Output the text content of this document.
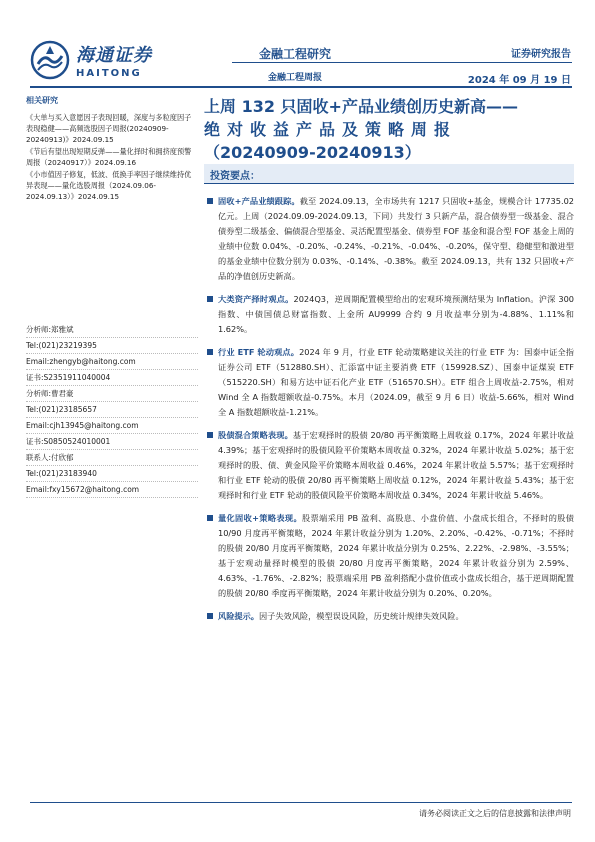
海通证券
HAITONG
金融工程研究
金融工程周报
证券研究报告
2024 年 09 月 19 日
相关研究
《大单与买入意愿因子表现回暖，深度与多粒度因子表现稳健——高频选股因子周报(20240909-20240913)》2024.09.15
《节后有望出现短期反弹——量化择时和拥挤度预警周报（20240917）》2024.09.16
《小市值因子修复，低波、低换手率因子继续维持优异表现——量化选股周报（2024.09.06-2024.09.13）》2024.09.15
分析师:郑雅斌
Tel:(021)23219395
Email:zhengyb@haitong.com
证书:S2351911040004
分析师:曹君豪
Tel:(021)23185657
Email:cjh13945@haitong.com
证书:S0850524010001
联系人:付欣郁
Tel:(021)23183940
Email:fxy15672@haitong.com
上周 132 只固收+产品业绩创历史新高——
绝对收益产品及策略周报
（20240909-20240913）
投资要点：
固收+产品业绩跟踪。截至 2024.09.13，全市场共有 1217 只固收+基金，规模合计 17735.02 亿元。上周（2024.09.09-2024.09.13，下同）共发行 3 只新产品，混合债券型一级基金、混合债券型二级基金、偏债混合型基金、灵活配置型基金、债券型 FOF 基金和混合型 FOF 基金上周的业绩中位数 0.04%、-0.20%、-0.24%、-0.21%、-0.04%、-0.20%，保守型、稳健型和激进型的基金业绩中位数分别为 0.03%、-0.14%、-0.38%。截至 2024.09.13，共有 132 只固收+产品的净值创历史新高。
大类资产择时观点。2024Q3，逆周期配置模型给出的宏观环境预测结果为 Inflation。沪深 300 指数、中债国债总财富指数、上金所 AU9999 合约 9 月收益率分别为-4.88%、1.11%和 1.62%。
行业 ETF 轮动观点。2024 年 9 月，行业 ETF 轮动策略建议关注的行业 ETF 为：国泰中证全指证券公司 ETF（512880.SH）、汇添富中证主要消费 ETF（159928.SZ）、国泰中证煤炭 ETF（515220.SH）和易方达中证石化产业 ETF（516570.SH）。ETF 组合上周收益-2.75%，相对 Wind 全 A 指数超额收益-0.75%。本月（2024.09，截至 9 月 6 日）收益-5.66%，相对 Wind 全 A 指数超额收益-1.21%。
股债混合策略表现。基于宏观择时的股债 20/80 再平衡策略上周收益 0.17%，2024 年累计收益 4.39%；基于宏观择时的股债风险平价策略本周收益 0.32%，2024 年累计收益 5.02%；基于宏观择时的股、债、黄金风险平价策略本周收益 0.46%，2024 年累计收益 5.57%；基于宏观择时和行业 ETF 轮动的股债 20/80 再平衡策略上周收益 0.12%，2024 年累计收益 5.43%；基于宏观择时和行业 ETF 轮动的股债风险平价策略本周收益 0.34%，2024 年累计收益 5.46%。
量化固收+策略表现。股票端采用 PB 盈利、高股息、小盘价值、小盘成长组合，不择时的股债 10/90 月度再平衡策略，2024 年累计收益分别为 1.20%、2.20%、-0.42%、-0.71%；不择时的股债 20/80 月度再平衡策略，2024 年累计收益分别为 0.25%、2.22%、-2.98%、-3.55%；基于宏观动量择时模型的股债 20/80 月度再平衡策略，2024 年累计收益分别为 2.59%、4.63%、-1.76%、-2.82%；股票端采用 PB 盈利搭配小盘价值或小盘成长组合，基于逆周期配置的股债 20/80 季度再平衡策略，2024 年累计收益分别为 0.20%、0.20%。
风险提示。因子失效风险，模型误设风险，历史统计规律失效风险。
请务必阅读正文之后的信息披露和法律声明
